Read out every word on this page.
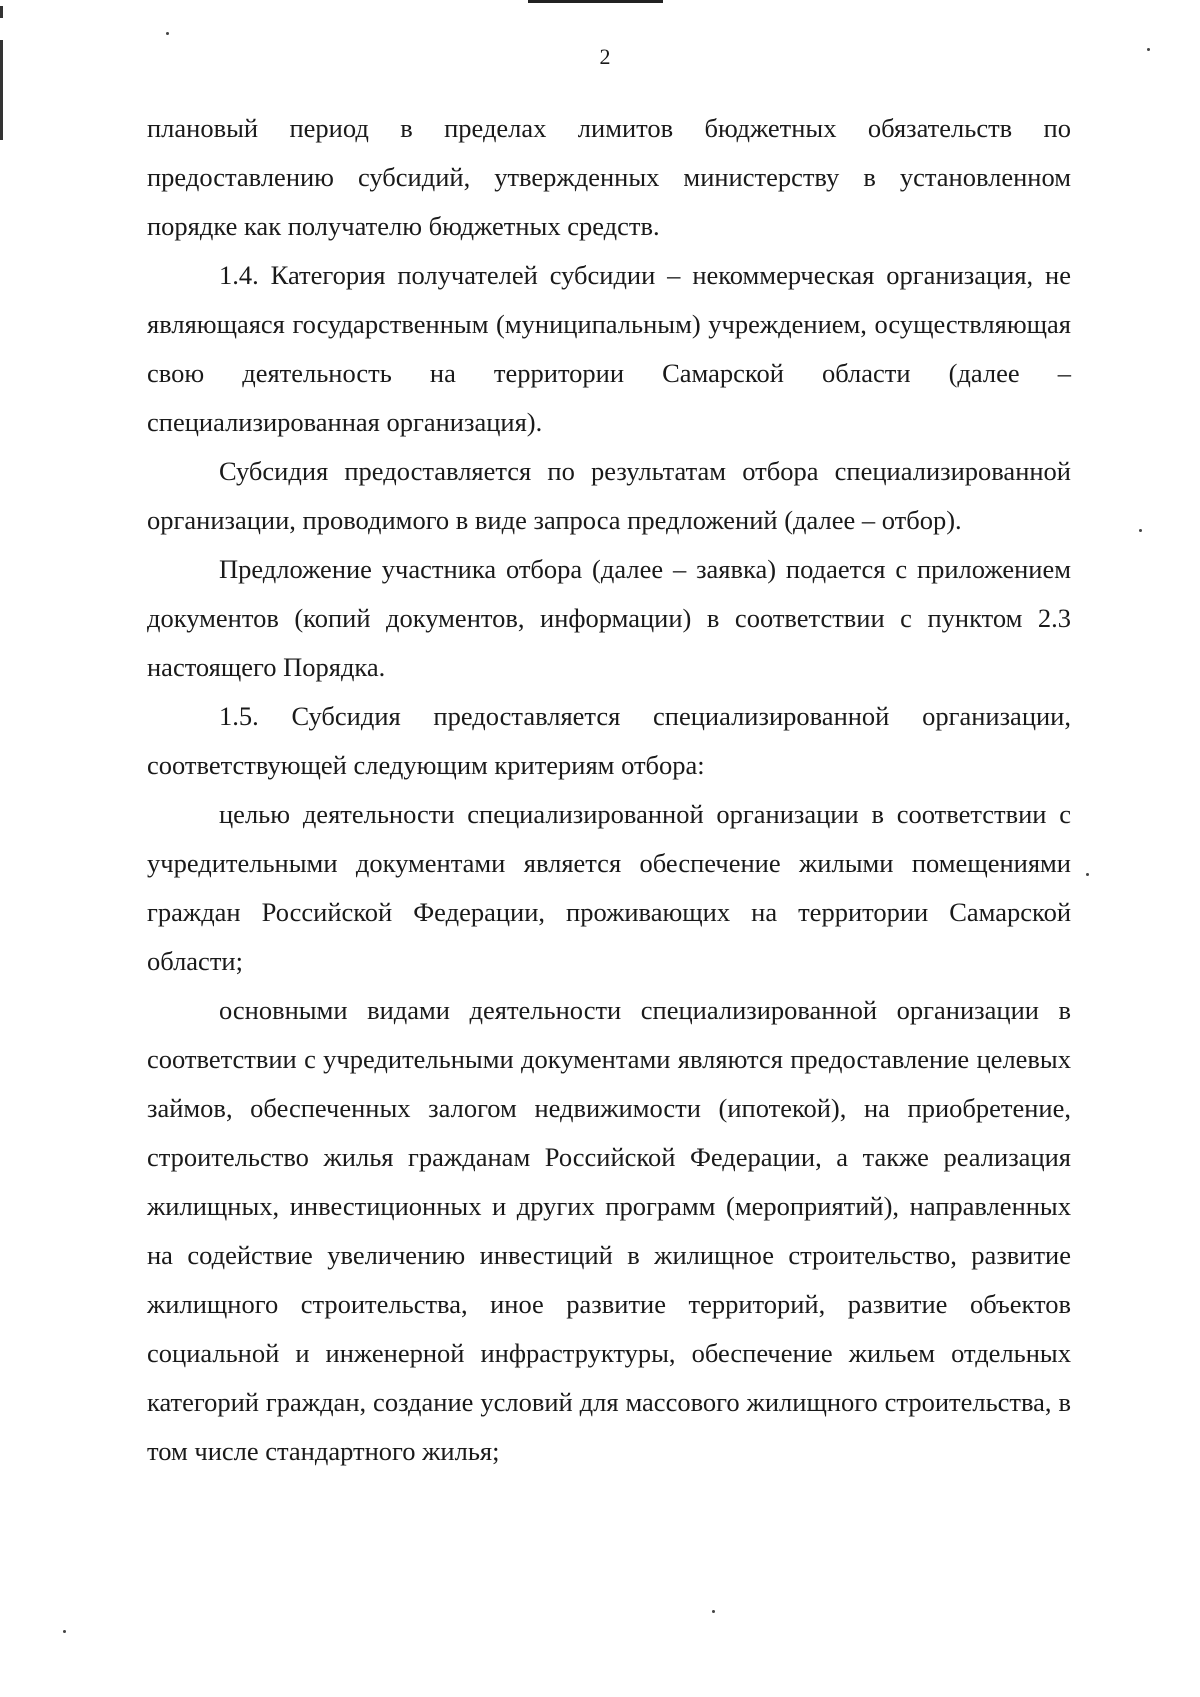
2

плановый период в пределах лимитов бюджетных обязательств по предоставлению субсидий, утвержденных министерству в установленном порядке как получателю бюджетных средств.

1.4. Категория получателей субсидии – некоммерческая организация, не являющаяся государственным (муниципальным) учреждением, осуществляющая свою деятельность на территории Самарской области (далее – специализированная организация).

Субсидия предоставляется по результатам отбора специализированной организации, проводимого в виде запроса предложений (далее – отбор).

Предложение участника отбора (далее – заявка) подается с приложением документов (копий документов, информации) в соответствии с пунктом 2.3 настоящего Порядка.

1.5. Субсидия предоставляется специализированной организации, соответствующей следующим критериям отбора:

целью деятельности специализированной организации в соответствии с учредительными документами является обеспечение жилыми помещениями граждан Российской Федерации, проживающих на территории Самарской области;

основными видами деятельности специализированной организации в соответствии с учредительными документами являются предоставление целевых займов, обеспеченных залогом недвижимости (ипотекой), на приобретение, строительство жилья гражданам Российской Федерации, а также реализация жилищных, инвестиционных и других программ (мероприятий), направленных на содействие увеличению инвестиций в жилищное строительство, развитие жилищного строительства, иное развитие территорий, развитие объектов социальной и инженерной инфраструктуры, обеспечение жильем отдельных категорий граждан, создание условий для массового жилищного строительства, в том числе стандартного жилья;
